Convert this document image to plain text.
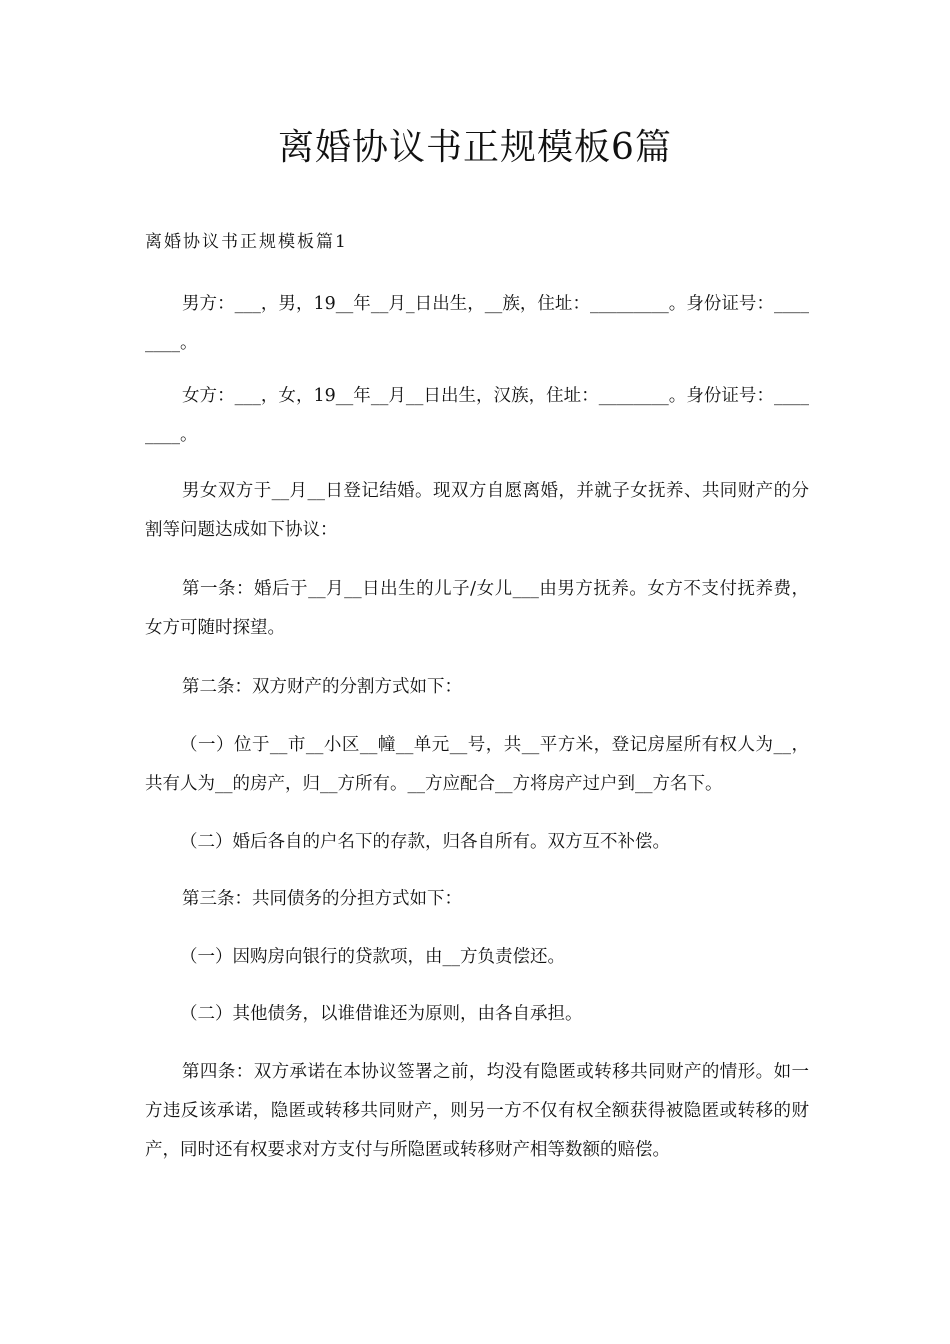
离婚协议书正规模板6篇
离婚协议书正规模板篇1

男方：___，男，19__年__月_日出生，__族，住址：_________。身份证号：________。

女方：___，女，19__年__月__日出生，汉族，住址：________。身份证号：________。

男女双方于__月__日登记结婚。现双方自愿离婚，并就子女抚养、共同财产的分割等问题达成如下协议：

第一条：婚后于__月__日出生的儿子/女儿___由男方抚养。女方不支付抚养费，女方可随时探望。

第二条：双方财产的分割方式如下：

（一）位于__市__小区__幢__单元__号，共__平方米，登记房屋所有权人为__，共有人为__的房产，归__方所有。__方应配合__方将房产过户到__方名下。

（二）婚后各自的户名下的存款，归各自所有。双方互不补偿。

第三条：共同债务的分担方式如下：

（一）因购房向银行的贷款项，由__方负责偿还。

（二）其他债务，以谁借谁还为原则，由各自承担。

第四条：双方承诺在本协议签署之前，均没有隐匿或转移共同财产的情形。如一方违反该承诺，隐匿或转移共同财产，则另一方不仅有权全额获得被隐匿或转移的财产，同时还有权要求对方支付与所隐匿或转移财产相等数额的赔偿。
